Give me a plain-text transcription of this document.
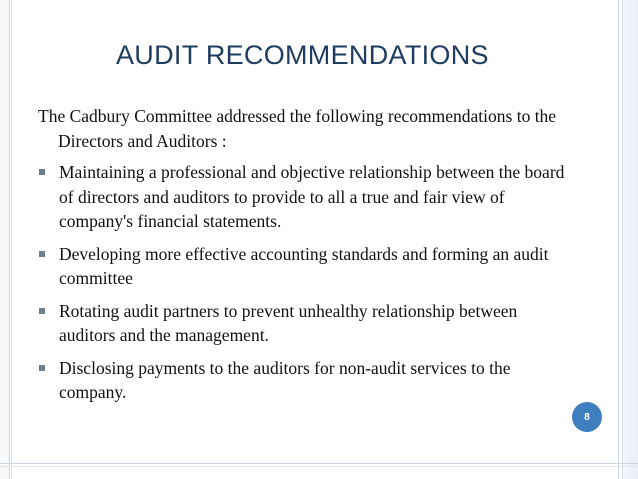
AUDIT RECOMMENDATIONS

The Cadbury Committee addressed the following recommendations to the Directors and Auditors :

Maintaining a professional and objective relationship between the board of directors and auditors to provide to all a true and fair view of company's financial statements.
Developing more effective accounting standards and forming an audit committee
Rotating audit partners to prevent unhealthy relationship between auditors and the management.
Disclosing payments to the auditors for non-audit services to the company.
8
